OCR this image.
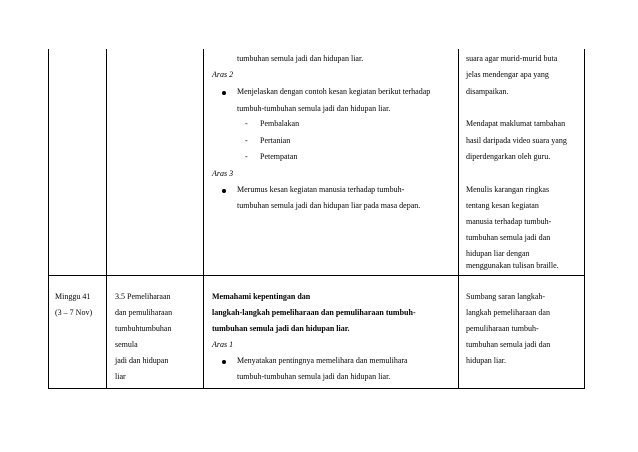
tumbuhan semula jadi dan hidupan liar.
Aras 2
Menjelaskan dengan contoh kesan kegiatan berikut terhadap
tumbuh-tumbuhan semula jadi dan hidupan liar.
- Pembalakan
- Pertanian
- Petempatan
Aras 3
Merumus kesan kegiatan manusia terhadap tumbuh-
tumbuhan semula jadi dan hidupan liar pada masa depan.
suara agar murid-murid buta
jelas mendengar apa yang
disampaikan.
Mendapat maklumat tambahan
hasil daripada video suara yang
diperdengarkan oleh guru.
Menulis karangan ringkas
tentang kesan kegiatan
manusia terhadap tumbuh-
tumbuhan semula jadi dan
hidupan liar dengan
menggunakan tulisan braille.
Minggu 41
(3 – 7 Nov)
3.5 Pemeliharaan
dan pemuliharaan
tumbuhtumbuhan
semula
jadi dan hidupan
liar
Memahami kepentingan dan
langkah-langkah pemeliharaan dan pemuliharaan tumbuh-
tumbuhan semula jadi dan hidupan liar.
Aras 1
Menyatakan pentingnya memelihara dan memulihara
tumbuh-tumbuhan semula jadi dan hidupan liar.
Sumbang saran langkah-
langkah pemeliharaan dan
pemuliharaan tumbuh-
tumbuhan semula jadi dan
hidupan liar.
